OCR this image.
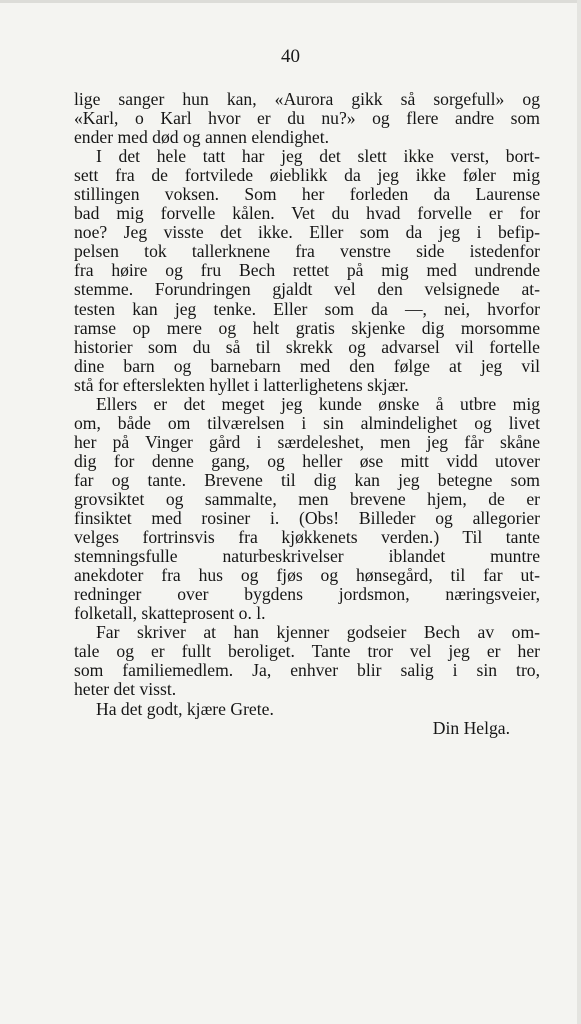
40
lige sanger hun kan, «Aurora gikk så sorgefull» og
«Karl, o Karl hvor er du nu?» og flere andre som
ender med død og annen elendighet.
I det hele tatt har jeg det slett ikke verst, bort-
sett fra de fortvilede øieblikk da jeg ikke føler mig
stillingen voksen. Som her forleden da Laurense
bad mig forvelle kålen. Vet du hvad forvelle er for
noe? Jeg visste det ikke. Eller som da jeg i befip-
pelsen tok tallerknene fra venstre side istedenfor
fra høire og fru Bech rettet på mig med undrende
stemme. Forundringen gjaldt vel den velsignede at-
testen kan jeg tenke. Eller som da —, nei, hvorfor
ramse op mere og helt gratis skjenke dig morsomme
historier som du så til skrekk og advarsel vil fortelle
dine barn og barnebarn med den følge at jeg vil
stå for efterslekten hyllet i latterlighetens skjær.
Ellers er det meget jeg kunde ønske å utbre mig
om, både om tilværelsen i sin almindelighet og livet
her på Vinger gård i særdeleshet, men jeg får skåne
dig for denne gang, og heller øse mitt vidd utover
far og tante. Brevene til dig kan jeg betegne som
grovsiktet og sammalte, men brevene hjem, de er
finsiktet med rosiner i. (Obs! Billeder og allegorier
velges fortrinsvis fra kjøkkenets verden.) Til tante
stemningsfulle naturbeskrivelser iblandet muntre
anekdoter fra hus og fjøs og hønsegård, til far ut-
redninger over bygdens jordsmon, næringsveier,
folketall, skatteprosent o. l.
Far skriver at han kjenner godseier Bech av om-
tale og er fullt beroliget. Tante tror vel jeg er her
som familiemedlem. Ja, enhver blir salig i sin tro,
heter det visst.
Ha det godt, kjære Grete.
Din Helga.
